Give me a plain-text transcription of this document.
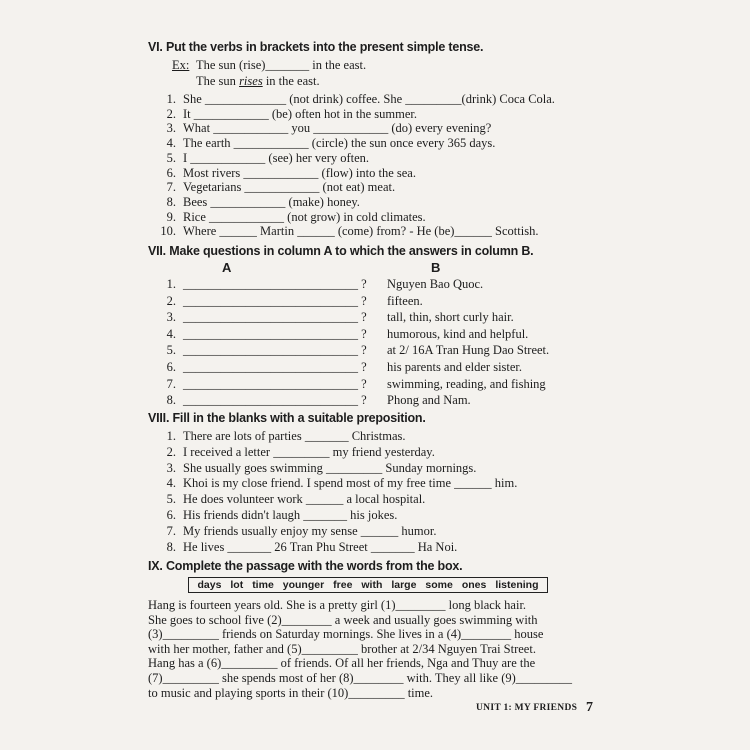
VI. Put the verbs in brackets into the present simple tense.
Ex: The sun (rise)_______ in the east.
The sun rises in the east.
1. She _____________ (not drink) coffee. She _________(drink) Coca Cola.
2. It ____________ (be) often hot in the summer.
3. What ____________ you ____________ (do) every evening?
4. The earth ____________ (circle) the sun once every 365 days.
5. I ____________ (see) her very often.
6. Most rivers ____________ (flow) into the sea.
7. Vegetarians ____________ (not eat) meat.
8. Bees ____________ (make) honey.
9. Rice ____________ (not grow) in cold climates.
10. Where ______ Martin ______ (come) from? - He (be)______ Scottish.
VII. Make questions in column A to which the answers in column B.
A	B
1. ____________________________ ? Nguyen Bao Quoc.
2. ____________________________ ? fifteen.
3. ____________________________ ? tall, thin, short curly hair.
4. ____________________________ ? humorous, kind and helpful.
5. ____________________________ ? at 2/ 16A Tran Hung Dao Street.
6. ____________________________ ? his parents and elder sister.
7. ____________________________ ? swimming, reading, and fishing
8. ____________________________ ? Phong and Nam.
VIII. Fill in the blanks with a suitable preposition.
1. There are lots of parties _______ Christmas.
2. I received a letter _________ my friend yesterday.
3. She usually goes swimming _________ Sunday mornings.
4. Khoi is my close friend. I spend most of my free time ______ him.
5. He does volunteer work ______ a local hospital.
6. His friends didn't laugh _______ his jokes.
7. My friends usually enjoy my sense ______ humor.
8. He lives _______ 26 Tran Phu Street _______ Ha Noi.
IX. Complete the passage with the words from the box.
days lot time younger free with large some ones listening
Hang is fourteen years old. She is a pretty girl (1)________ long black hair.
She goes to school five (2)________ a week and usually goes swimming with
(3)_________ friends on Saturday mornings. She lives in a (4)________ house
with her mother, father and (5)_________ brother at 2/34 Nguyen Trai Street.
Hang has a (6)_________ of friends. Of all her friends, Nga and Thuy are the
(7)_________ she spends most of her (8)________ with. They all like (9)_________
to music and playing sports in their (10)_________ time.
UNIT 1: MY FRIENDS 7
